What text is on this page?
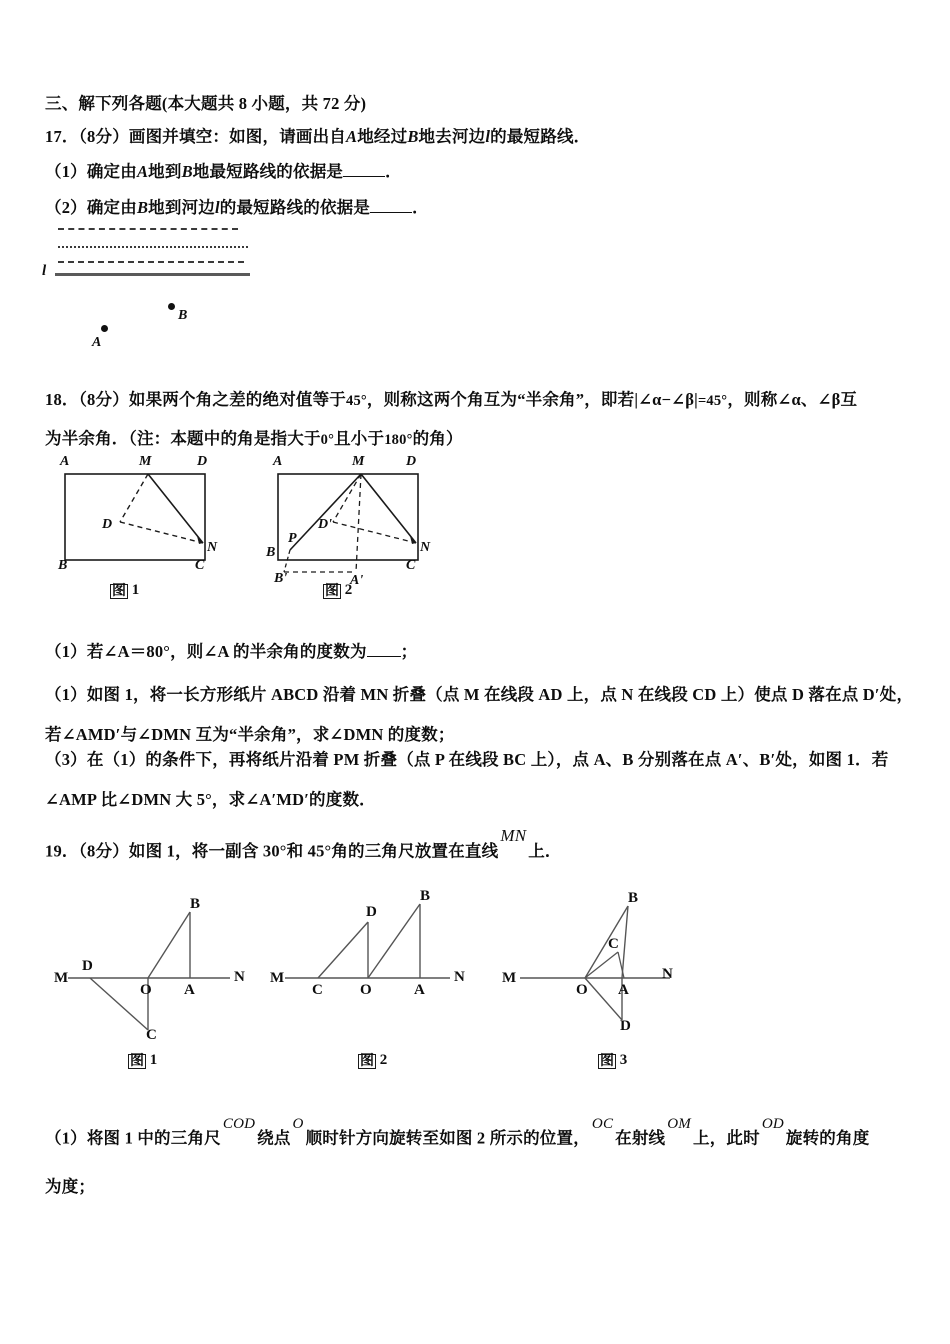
三、解下列各题(本大题共 8 小题，共 72 分)
17．（8分）画图并填空：如图，请画出自A地经过B地去河边l的最短路线．
（1）确定由A地到B地最短路线的依据是	．
（2）确定由B地到河边l的最短路线的依据是	．
l
B
A
18．（8分）如果两个角之差的绝对值等于45°，则称这两个角互为“半余角”，即若|∠α−∠β|=45°，则称∠α、∠β互
为半余角．（注：本题中的角是指大于0°且小于180°的角）
A	M	D
D
N
B	C
图 1
A	M	D
D'
N
P
B
C
B'	A'
图 2
（1）若∠A＝80°，则∠A 的半余角的度数为 ；
（1）如图 1，将一长方形纸片 ABCD 沿着 MN 折叠（点 M 在线段 AD 上，点 N 在线段 CD 上）使点 D 落在点 D′处，
若∠AMD′与∠DMN 互为“半余角”，求∠DMN 的度数；
（3）在（1）的条件下，再将纸片沿着 PM 折叠（点 P 在线段 BC 上），点 A、B 分别落在点 A′、B′处，如图 1．若
∠AMP 比∠DMN 大 5°，求∠A′MD′的度数．
19．（8分）如图 1，将一副含 30°和 45°角的三角尺放置在直线MN上．
M
D
O A
N
B
C
图 1
M
C O	A
N
D
B
图 2
M
O A
N
B
C
D
图 3
（1）将图 1 中的三角尺COD绕点O顺时针方向旋转至如图 2 所示的位置，OC在射线OM上，此时OD旋转的角度
为度；
